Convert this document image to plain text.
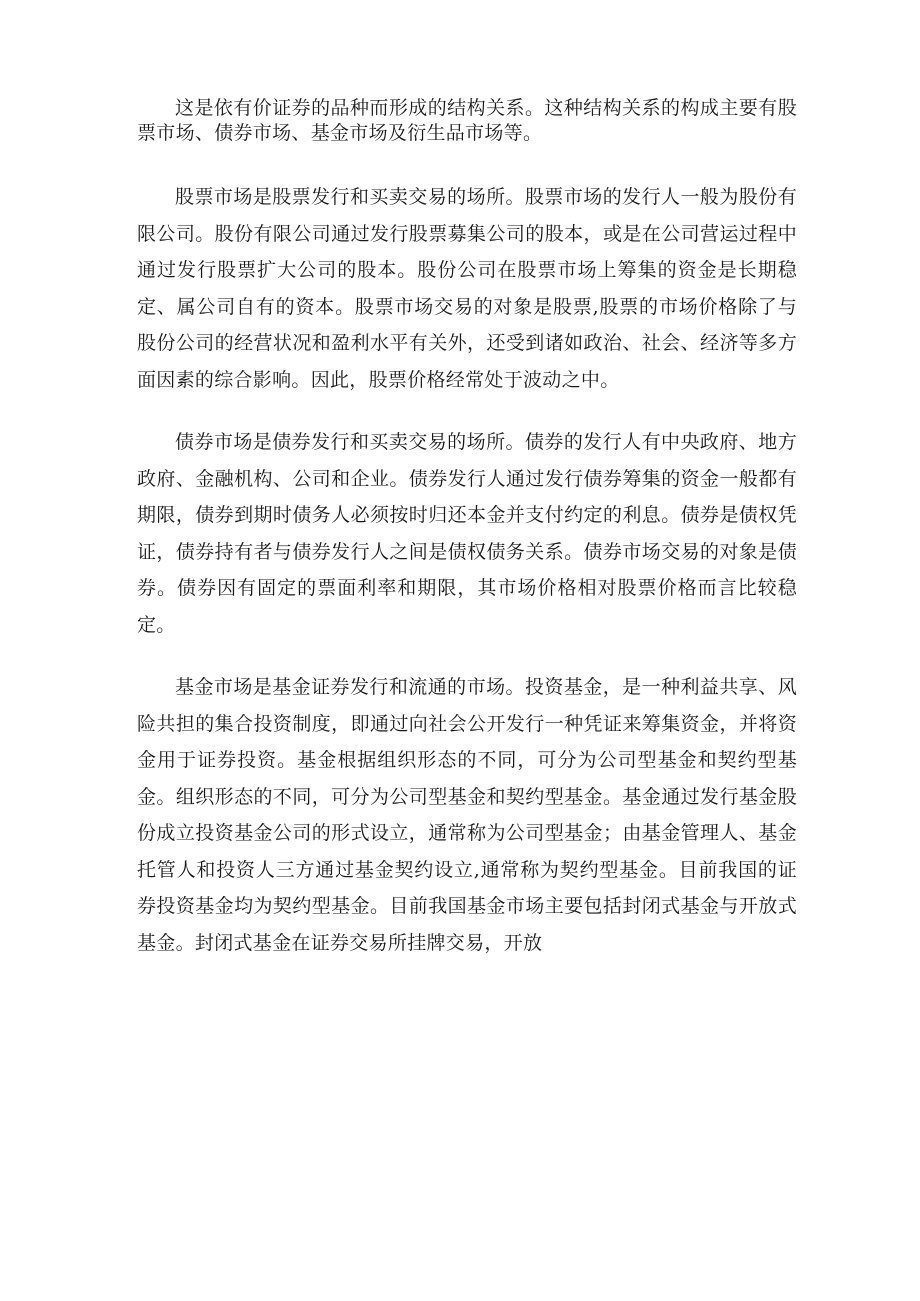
这是依有价证券的品种而形成的结构关系。这种结构关系的构成主要有股票市场、债券市场、基金市场及衍生品市场等。

股票市场是股票发行和买卖交易的场所。股票市场的发行人一般为股份有限公司。股份有限公司通过发行股票募集公司的股本，或是在公司营运过程中通过发行股票扩大公司的股本。股份公司在股票市场上筹集的资金是长期稳定、属公司自有的资本。股票市场交易的对象是股票,股票的市场价格除了与股份公司的经营状况和盈利水平有关外，还受到诸如政治、社会、经济等多方面因素的综合影响。因此，股票价格经常处于波动之中。

债券市场是债券发行和买卖交易的场所。债券的发行人有中央政府、地方政府、金融机构、公司和企业。债券发行人通过发行债券筹集的资金一般都有期限，债券到期时债务人必须按时归还本金并支付约定的利息。债券是债权凭证，债券持有者与债券发行人之间是债权债务关系。债券市场交易的对象是债券。债券因有固定的票面利率和期限，其市场价格相对股票价格而言比较稳定。

基金市场是基金证券发行和流通的市场。投资基金，是一种利益共享、风险共担的集合投资制度，即通过向社会公开发行一种凭证来筹集资金，并将资金用于证券投资。基金根据组织形态的不同，可分为公司型基金和契约型基金。组织形态的不同，可分为公司型基金和契约型基金。基金通过发行基金股份成立投资基金公司的形式设立，通常称为公司型基金；由基金管理人、基金托管人和投资人三方通过基金契约设立,通常称为契约型基金。目前我国的证券投资基金均为契约型基金。目前我国基金市场主要包括封闭式基金与开放式基金。封闭式基金在证券交易所挂牌交易，开放
